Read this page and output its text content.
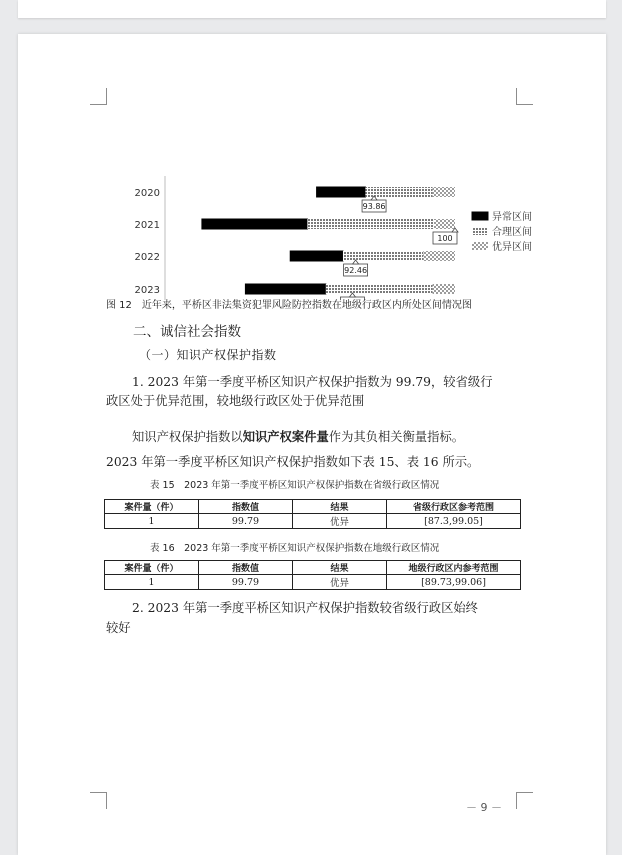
2020
93.86
2021
100
2022
92.46
2023
异常区间
合理区间
优异区间
图 12　近年来，平桥区非法集资犯罪风险防控指数在地级行政区内所处区间情况图
二、诚信社会指数
（一）知识产权保护指数
1. 2023 年第一季度平桥区知识产权保护指数为 99.79，较省级行
政区处于优异范围，较地级行政区处于优异范围
知识产权保护指数以知识产权案件量作为其负相关衡量指标。
2023 年第一季度平桥区知识产权保护指数如下表 15、表 16 所示。
表 15　2023 年第一季度平桥区知识产权保护指数在省级行政区情况
案件量（件）	指数值	结果	省级行政区参考范围
1	99.79	优异	[87.3,99.05]
表 16　2023 年第一季度平桥区知识产权保护指数在地级行政区情况
案件量（件）	指数值	结果	地级行政区内参考范围
1	99.79	优异	[89.73,99.06]
2. 2023 年第一季度平桥区知识产权保护指数较省级行政区始终
较好
－ 9 －
